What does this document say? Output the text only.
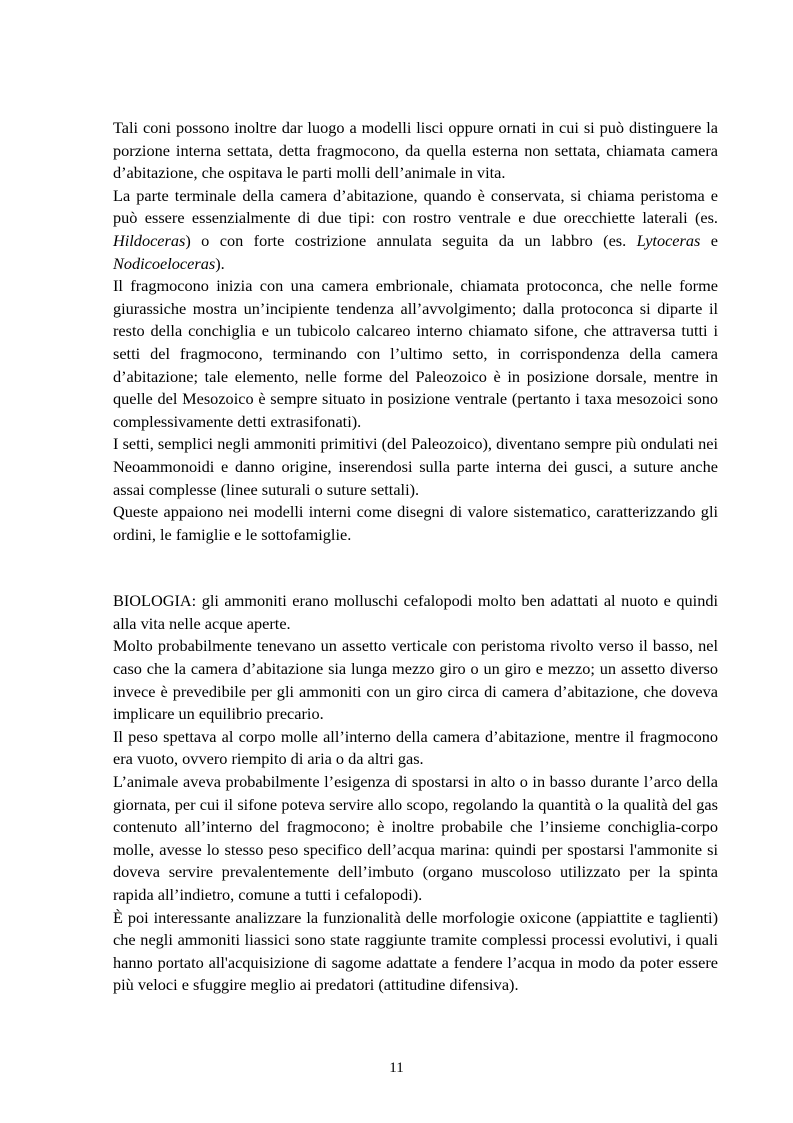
Tali coni possono inoltre dar luogo a modelli lisci oppure ornati in cui si può distinguere la porzione interna settata, detta fragmocono, da quella esterna non settata, chiamata camera d’abitazione, che ospitava le parti molli dell’animale in vita.

La parte terminale della camera d’abitazione, quando è conservata, si chiama peristoma e può essere essenzialmente di due tipi: con rostro ventrale e due orecchiette laterali (es. Hildoceras) o con forte costrizione annulata seguita da un labbro (es. Lytoceras e Nodicoeloceras).

Il fragmocono inizia con una camera embrionale, chiamata protoconca, che nelle forme giurassiche mostra un’incipiente tendenza all’avvolgimento; dalla protoconca si diparte il resto della conchiglia e un tubicolo calcareo interno chiamato sifone, che attraversa tutti i setti del fragmocono, terminando con l’ultimo setto, in corrispondenza della camera d’abitazione; tale elemento, nelle forme del Paleozoico è in posizione dorsale, mentre in quelle del Mesozoico è sempre situato in posizione ventrale (pertanto i taxa mesozoici sono complessivamente detti extrasifonati).

I setti, semplici negli ammoniti primitivi (del Paleozoico), diventano sempre più ondulati nei Neoammonoidi e danno origine, inserendosi sulla parte interna dei gusci, a suture anche assai complesse (linee suturali o suture settali).

Queste appaiono nei modelli interni come disegni di valore sistematico, caratterizzando gli ordini, le famiglie e le sottofamiglie.

BIOLOGIA: gli ammoniti erano molluschi cefalopodi molto ben adattati al nuoto e quindi alla vita nelle acque aperte.

Molto probabilmente tenevano un assetto verticale con peristoma rivolto verso il basso, nel caso che la camera d’abitazione sia lunga mezzo giro o un giro e mezzo; un assetto diverso invece è prevedibile per gli ammoniti con un giro circa di camera d’abitazione, che doveva implicare un equilibrio precario.

Il peso spettava al corpo molle all’interno della camera d’abitazione, mentre il fragmocono era vuoto, ovvero riempito di aria o da altri gas.

L’animale aveva probabilmente l’esigenza di spostarsi in alto o in basso durante l’arco della giornata, per cui il sifone poteva servire allo scopo, regolando la quantità o la qualità del gas contenuto all’interno del fragmocono; è inoltre probabile che l’insieme conchiglia-corpo molle, avesse lo stesso peso specifico dell’acqua marina: quindi per spostarsi l'ammonite si doveva servire prevalentemente dell’imbuto (organo muscoloso utilizzato per la spinta rapida all’indietro, comune a tutti i cefalopodi).

È poi interessante analizzare la funzionalità delle morfologie oxicone (appiattite e taglienti) che negli ammoniti liassici sono state raggiunte tramite complessi processi evolutivi, i quali hanno portato all'acquisizione di sagome adattate a fendere l’acqua in modo da poter essere più veloci e sfuggire meglio ai predatori (attitudine difensiva).

11
